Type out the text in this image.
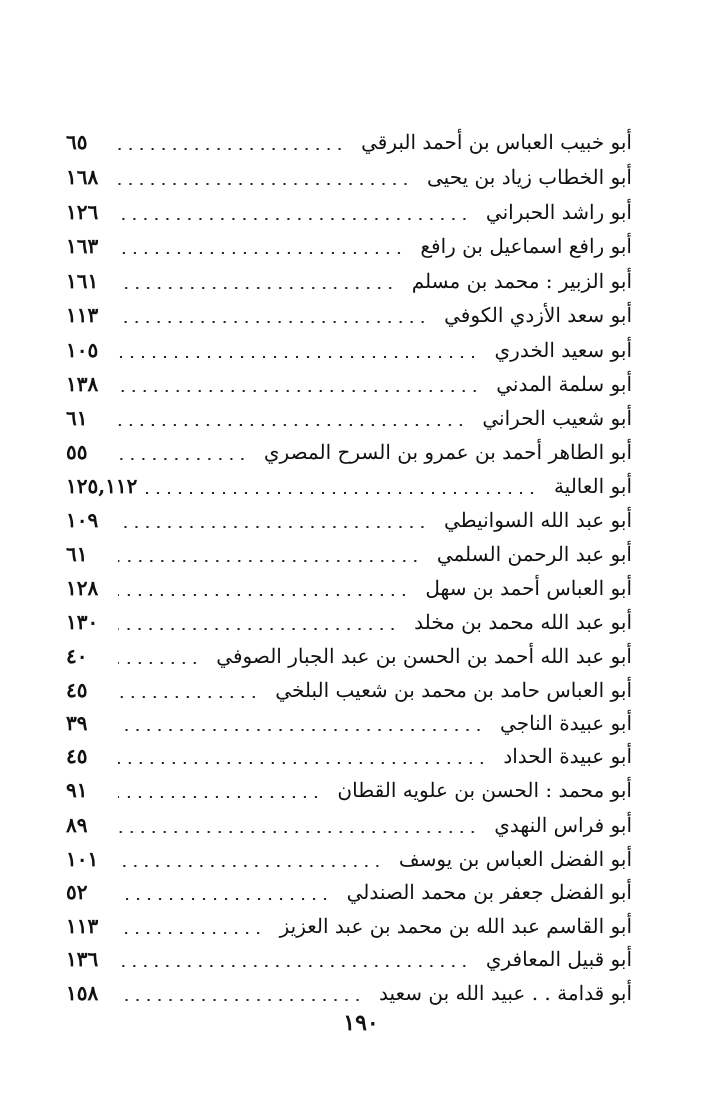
أبو خبيب العباس بن أحمد البرقي
٦٥
أبو الخطاب زياد بن يحيى
١٦٨
أبو راشد الحبراني
١٢٦
أبو رافع اسماعيل بن رافع
١٦٣
أبو الزبير : محمد بن مسلم
١٦١
أبو سعد الأزدي الكوفي
١١٣
أبو سعيد الخدري
١٠٥
أبو سلمة المدني
١٣٨
أبو شعيب الحراني
٦١
أبو الطاهر أحمد بن عمرو بن السرح المصري
٥٥
أبو العالية
١٢٥,١١٢
أبو عبد الله السوانيطي
١٠٩
أبو عبد الرحمن السلمي
٦١
أبو العباس أحمد بن سهل
١٢٨
أبو عبد الله محمد بن مخلد
١٣٠
أبو عبد الله أحمد بن الحسن بن عبد الجبار الصوفي
٤٠
أبو العباس حامد بن محمد بن شعيب البلخي
٤٥
أبو عبيدة الناجي
٣٩
أبو عبيدة الحداد
٤٥
أبو محمد : الحسن بن علويه القطان
٩١
أبو فراس النهدي
٨٩
أبو الفضل العباس بن يوسف
١٠١
أبو الفضل جعفر بن محمد الصندلي
٥٢
أبو القاسم عبد الله بن محمد بن عبد العزيز
١١٣
أبو قبيل المعافري
١٣٦
أبو قدامة . . عبيد الله بن سعيد
١٥٨
١٩٠
